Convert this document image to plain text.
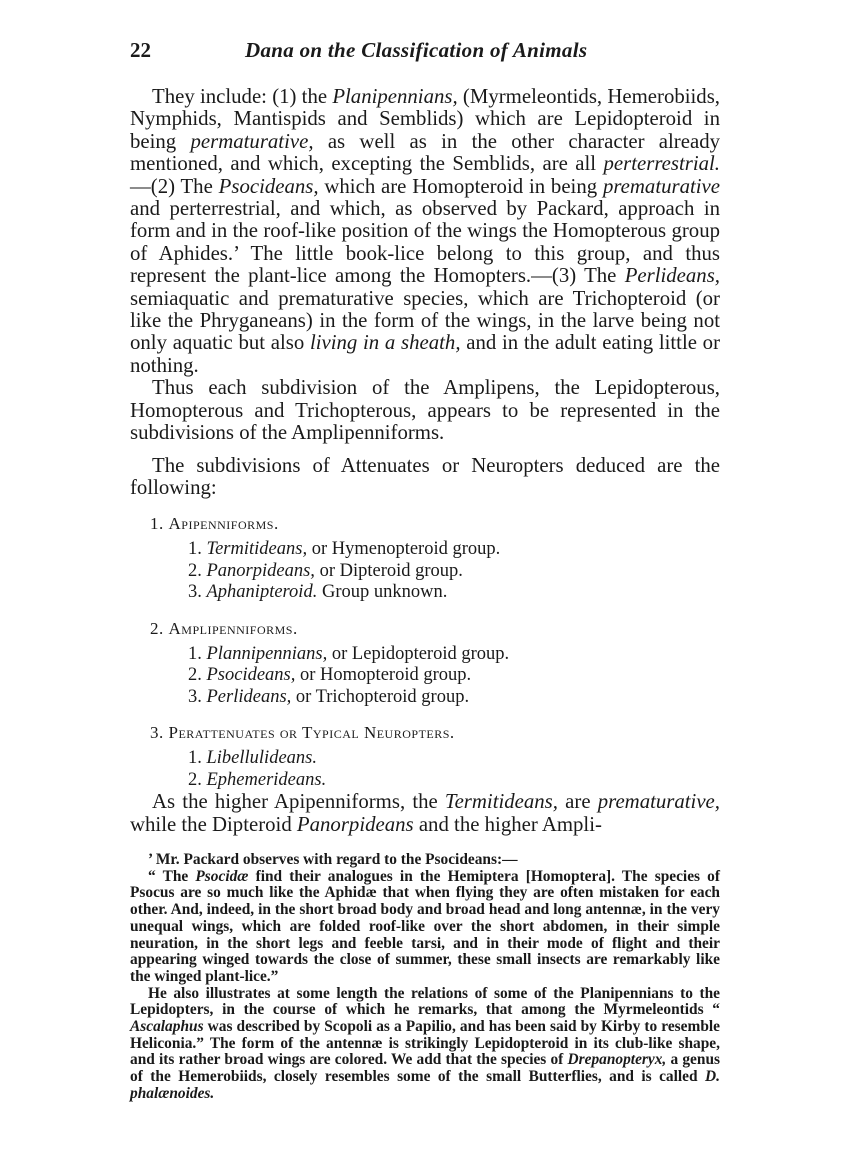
22	Dana on the Classification of Animals

They include: (1) the Planipennians, (Myrmeleontids, Hemerobiids, Nymphids, Mantispids and Semblids) which are Lepidopteroid in being permaturative, as well as in the other character already mentioned, and which, excepting the Semblids, are all perterrestrial.—(2) The Psocideans, which are Homopteroid in being prematurative and perterrestrial, and which, as observed by Packard, approach in form and in the roof-like position of the wings the Homopterous group of Aphides.’ The little book-lice belong to this group, and thus represent the plant-lice among the Homopters.—(3) The Perlideans, semiaquatic and prematurative species, which are Trichopteroid (or like the Phryganeans) in the form of the wings, in the larve being not only aquatic but also living in a sheath, and in the adult eating little or nothing.

Thus each subdivision of the Amplipens, the Lepidopterous, Homopterous and Trichopterous, appears to be represented in the subdivisions of the Amplipenniforms.

The subdivisions of Attenuates or Neuropters deduced are the following:

1. Apipenniforms.
1. Termitideans, or Hymenopteroid group.
2. Panorpideans, or Dipteroid group.
3. Aphanipteroid. Group unknown.
2. Amplipenniforms.
1. Plannipennians, or Lepidopteroid group.
2. Psocideans, or Homopteroid group.
3. Perlideans, or Trichopteroid group.
3. Perattenuates or Typical Neuropters.
1. Libellulideans.
2. Ephemerideans.

As the higher Apipenniforms, the Termitideans, are prematurative, while the Dipteroid Panorpideans and the higher Ampli-

’ Mr. Packard observes with regard to the Psocideans:—

“ The Psocidæ find their analogues in the Hemiptera [Homoptera]. The species of Psocus are so much like the Aphidæ that when flying they are often mistaken for each other. And, indeed, in the short broad body and broad head and long antennæ, in the very unequal wings, which are folded roof-like over the short abdomen, in their simple neuration, in the short legs and feeble tarsi, and in their mode of flight and their appearing winged towards the close of summer, these small insects are remarkably like the winged plant-lice.”

He also illustrates at some length the relations of some of the Planipennians to the Lepidopters, in the course of which he remarks, that among the Myrmeleontids “ Ascalaphus was described by Scopoli as a Papilio, and has been said by Kirby to resemble Heliconia.” The form of the antennæ is strikingly Lepidopteroid in its club-like shape, and its rather broad wings are colored. We add that the species of Drepanopteryx, a genus of the Hemerobiids, closely resembles some of the small Butterflies, and is called D. phalænoides.
